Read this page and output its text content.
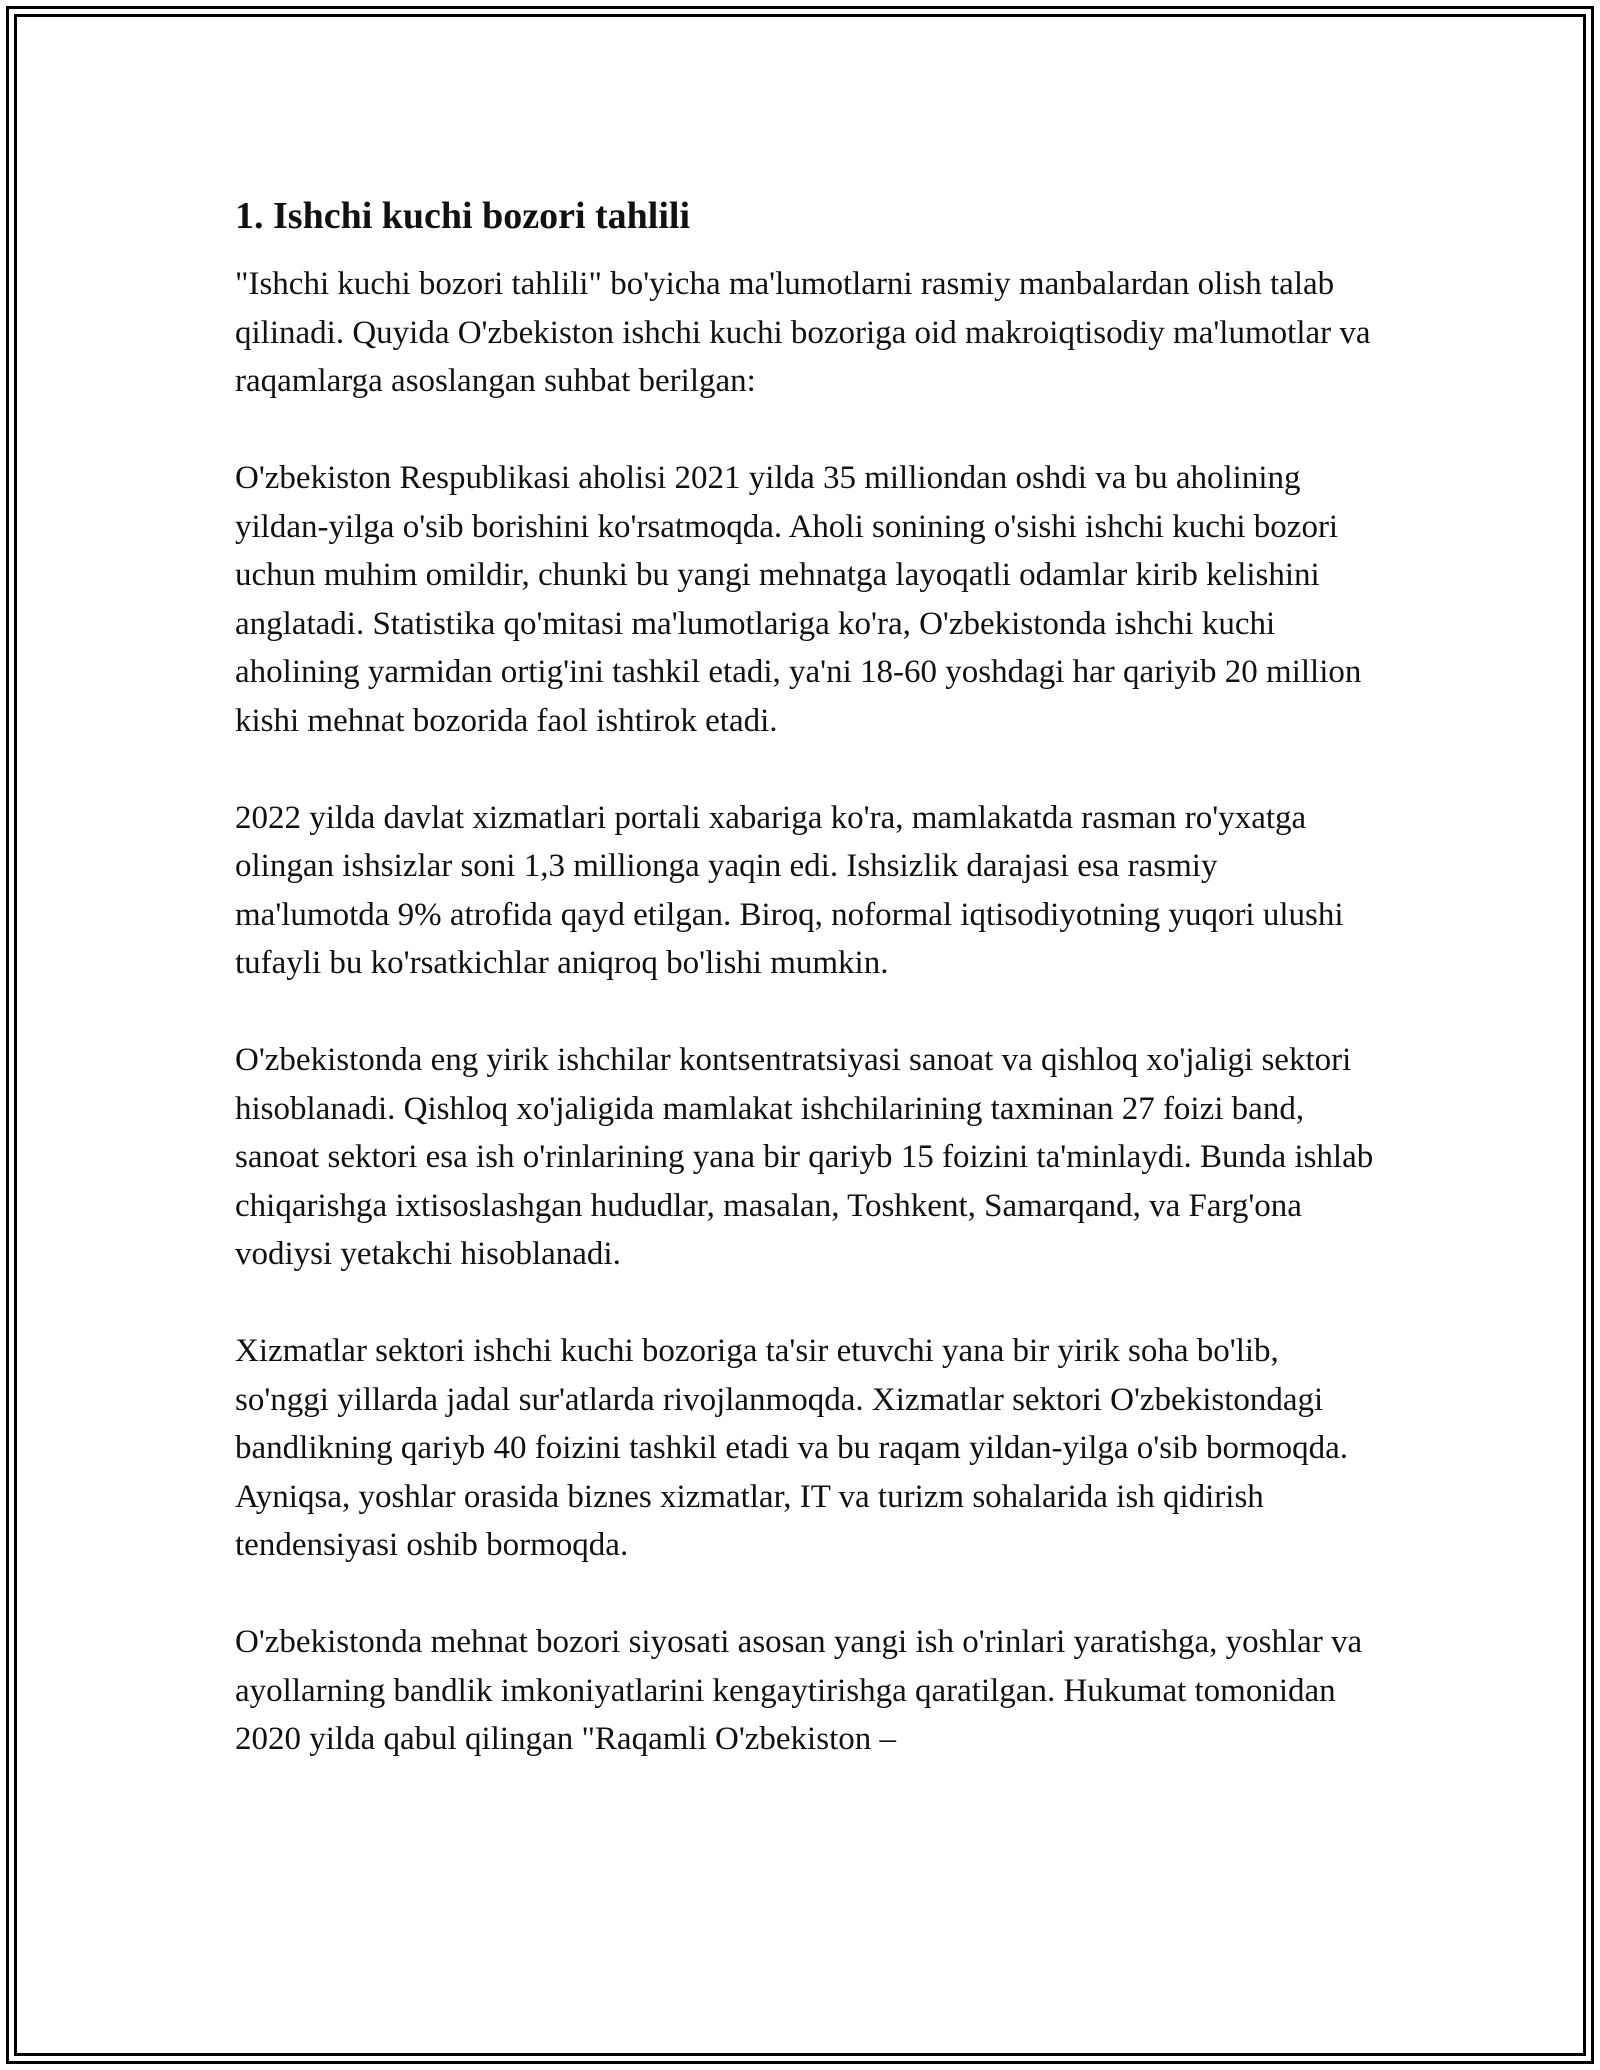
1. Ishchi kuchi bozori tahlili

"Ishchi kuchi bozori tahlili" bo'yicha ma'lumotlarni rasmiy manbalardan olish talab qilinadi. Quyida O'zbekiston ishchi kuchi bozoriga oid makroiqtisodiy ma'lumotlar va raqamlarga asoslangan suhbat berilgan:

O'zbekiston Respublikasi aholisi 2021 yilda 35 milliondan oshdi va bu aholining yildan-yilga o'sib borishini ko'rsatmoqda. Aholi sonining o'sishi ishchi kuchi bozori uchun muhim omildir, chunki bu yangi mehnatga layoqatli odamlar kirib kelishini anglatadi. Statistika qo'mitasi ma'lumotlariga ko'ra, O'zbekistonda ishchi kuchi aholining yarmidan ortig'ini tashkil etadi, ya'ni 18-60 yoshdagi har qariyib 20 million kishi mehnat bozorida faol ishtirok etadi.

2022 yilda davlat xizmatlari portali xabariga ko'ra, mamlakatda rasman ro'yxatga olingan ishsizlar soni 1,3 millionga yaqin edi. Ishsizlik darajasi esa rasmiy ma'lumotda 9% atrofida qayd etilgan. Biroq, noformal iqtisodiyotning yuqori ulushi tufayli bu ko'rsatkichlar aniqroq bo'lishi mumkin.

O'zbekistonda eng yirik ishchilar kontsentratsiyasi sanoat va qishloq xo'jaligi sektori hisoblanadi. Qishloq xo'jaligida mamlakat ishchilarining taxminan 27 foizi band, sanoat sektori esa ish o'rinlarining yana bir qariyb 15 foizini ta'minlaydi. Bunda ishlab chiqarishga ixtisoslashgan hududlar, masalan, Toshkent, Samarqand, va Farg'ona vodiysi yetakchi hisoblanadi.

Xizmatlar sektori ishchi kuchi bozoriga ta'sir etuvchi yana bir yirik soha bo'lib, so'nggi yillarda jadal sur'atlarda rivojlanmoqda. Xizmatlar sektori O'zbekistondagi bandlikning qariyb 40 foizini tashkil etadi va bu raqam yildan-yilga o'sib bormoqda. Ayniqsa, yoshlar orasida biznes xizmatlar, IT va turizm sohalarida ish qidirish tendensiyasi oshib bormoqda.

O'zbekistonda mehnat bozori siyosati asosan yangi ish o'rinlari yaratishga, yoshlar va ayollarning bandlik imkoniyatlarini kengaytirishga qaratilgan. Hukumat tomonidan 2020 yilda qabul qilingan "Raqamli O'zbekiston –
